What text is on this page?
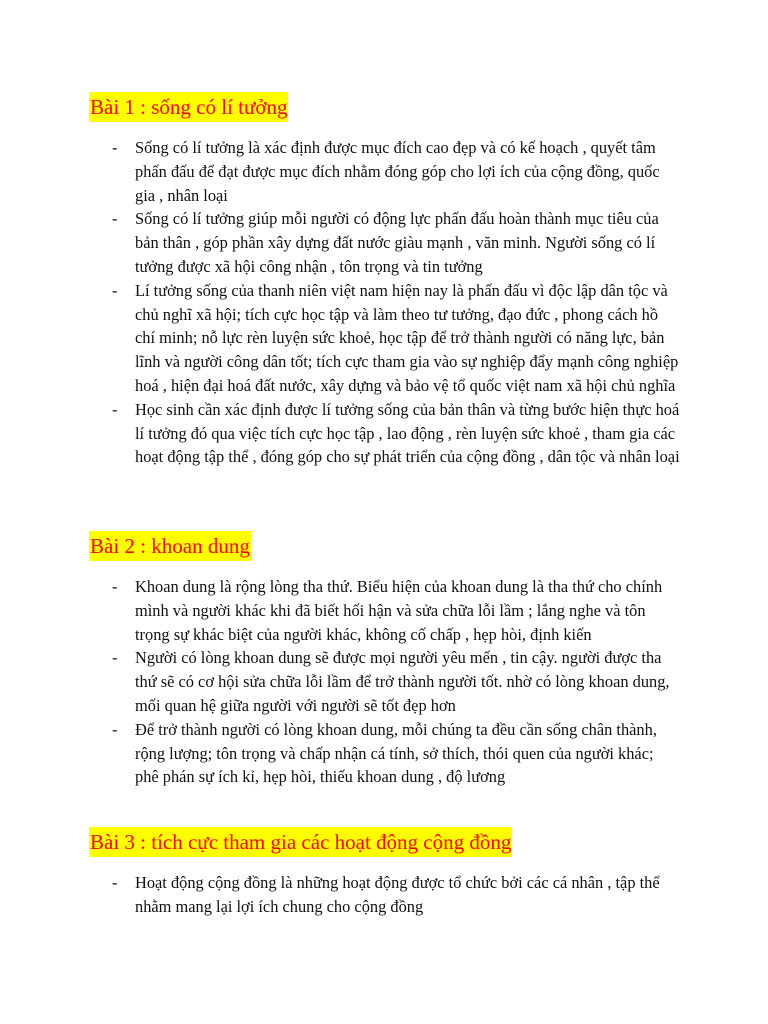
Bài 1 : sống có lí tưởng
- Sống có lí tưởng là xác định được mục đích cao đẹp và có kế hoạch , quyết tâm phấn đấu để đạt được mục đích nhằm đóng góp cho lợi ích của cộng đồng, quốc gia , nhân loại
- Sống có lí tưởng giúp mỗi người có động lực phấn đấu hoàn thành mục tiêu của bản thân , góp phần xây dựng đất nước giàu mạnh , văn minh. Người sống có lí tưởng được xã hội công nhận , tôn trọng và tin tưởng
- Lí tưởng sống của thanh niên việt nam hiện nay là phấn đấu vì độc lập dân tộc và chủ nghĩ xã hội; tích cực học tập và làm theo tư tưởng, đạo đức , phong cách hồ chí minh; nỗ lực rèn luyện sức khoẻ, học tập để trở thành người có năng lực, bản lĩnh và người công dân tốt; tích cực tham gia vào sự nghiệp đẩy mạnh công nghiệp hoá , hiện đại hoá đất nước, xây dựng và bảo vệ tổ quốc việt nam xã hội chủ nghĩa
- Học sinh cần xác định được lí tưởng sống của bản thân và từng bước hiện thực hoá lí tưởng đó qua việc tích cực học tập , lao động , rèn luyện sức khoẻ , tham gia các hoạt động tập thể , đóng góp cho sự phát triển của cộng đồng , dân tộc và nhân loại
Bài 2 : khoan dung
- Khoan dung là rộng lòng tha thứ. Biểu hiện của khoan dung là tha thứ cho chính mình và người khác khi đã biết hối hận và sửa chữa lỗi lầm ; lắng nghe và tôn trọng sự khác biệt của người khác, không cố chấp , hẹp hòi, định kiến
- Người có lòng khoan dung sẽ được mọi người yêu mến , tin cậy. người được tha thứ sẽ có cơ hội sửa chữa lỗi lầm để trở thành người tốt. nhờ có lòng khoan dung, mối quan hệ giữa người với người sẽ tốt đẹp hơn
- Để trở thành người có lòng khoan dung, mỗi chúng ta đều cần sống chân thành, rộng lượng; tôn trọng và chấp nhận cá tính, sở thích, thói quen của người khác; phê phán sự ích kỉ, hẹp hòi, thiếu khoan dung , độ lương
Bài 3 : tích cực tham gia các hoạt động cộng đồng
- Hoạt động cộng đồng là những hoạt động được tổ chức bởi các cá nhân , tập thể nhằm mang lại lợi ích chung cho cộng đồng
